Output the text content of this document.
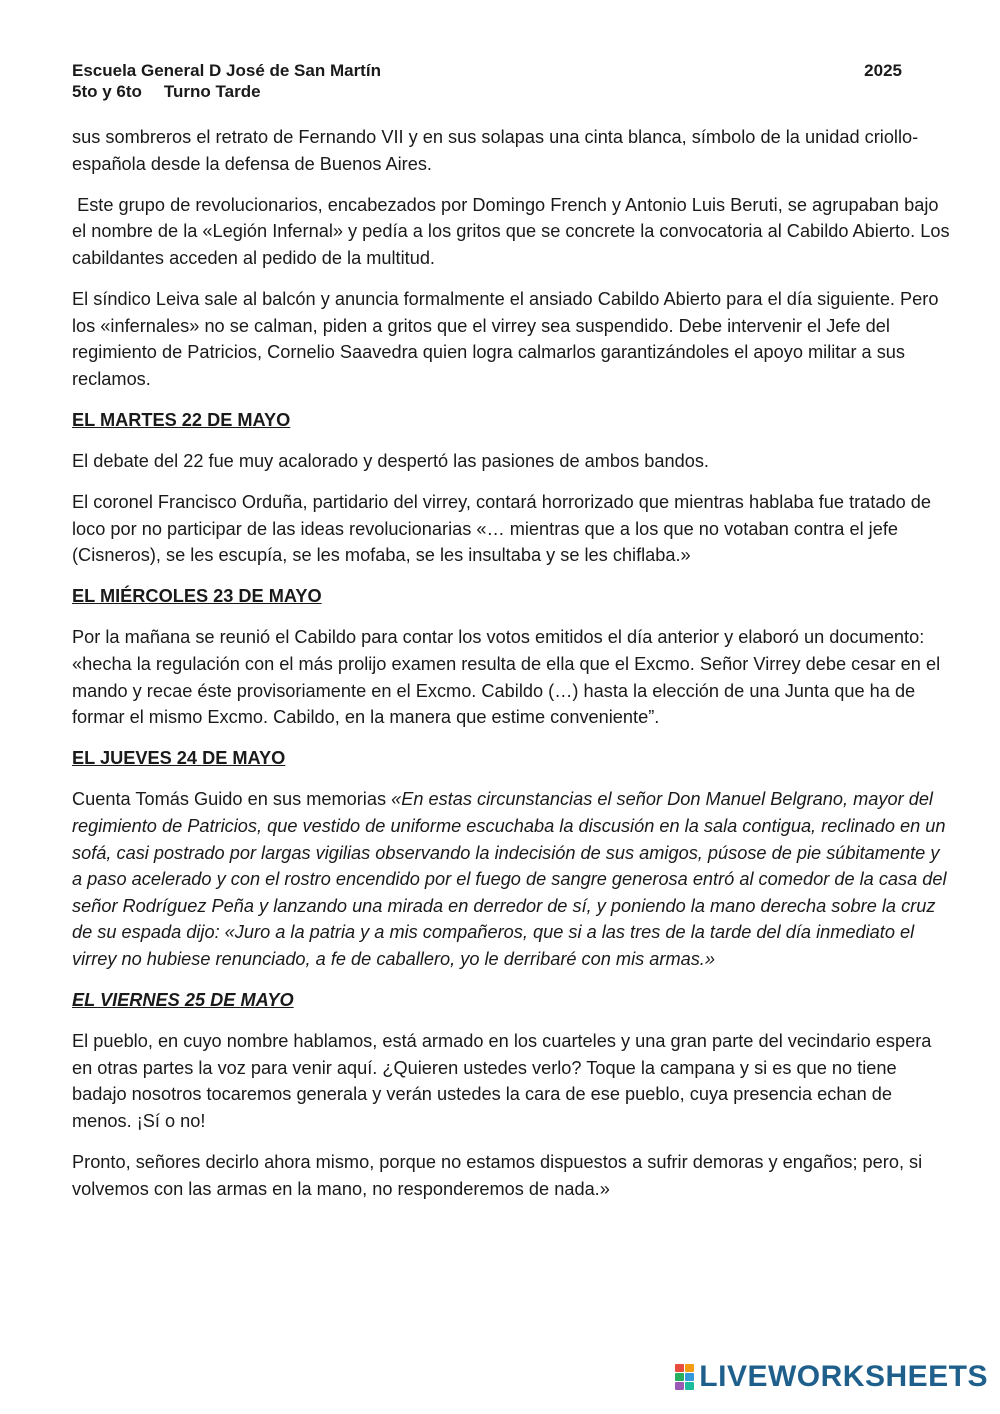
Escuela General D José de San Martín	2025
5to y 6to Turno Tarde

sus sombreros el retrato de Fernando VII y en sus solapas una cinta blanca, símbolo de la unidad criollo-española desde la defensa de Buenos Aires.

Este grupo de revolucionarios, encabezados por Domingo French y Antonio Luis Beruti, se agrupaban bajo el nombre de la «Legión Infernal» y pedía a los gritos que se concrete la convocatoria al Cabildo Abierto. Los cabildantes acceden al pedido de la multitud.

El síndico Leiva sale al balcón y anuncia formalmente el ansiado Cabildo Abierto para el día siguiente. Pero los «infernales» no se calman, piden a gritos que el virrey sea suspendido. Debe intervenir el Jefe del regimiento de Patricios, Cornelio Saavedra quien logra calmarlos garantizándoles el apoyo militar a sus reclamos.

EL MARTES 22 DE MAYO

El debate del 22 fue muy acalorado y despertó las pasiones de ambos bandos.

El coronel Francisco Orduña, partidario del virrey, contará horrorizado que mientras hablaba fue tratado de loco por no participar de las ideas revolucionarias «… mientras que a los que no votaban contra el jefe (Cisneros), se les escupía, se les mofaba, se les insultaba y se les chiflaba.»

EL MIÉRCOLES 23 DE MAYO

Por la mañana se reunió el Cabildo para contar los votos emitidos el día anterior y elaboró un documento: «hecha la regulación con el más prolijo examen resulta de ella que el Excmo. Señor Virrey debe cesar en el mando y recae éste provisoriamente en el Excmo. Cabildo (…) hasta la elección de una Junta que ha de formar el mismo Excmo. Cabildo, en la manera que estime conveniente”.

EL JUEVES 24 DE MAYO

Cuenta Tomás Guido en sus memorias «En estas circunstancias el señor Don Manuel Belgrano, mayor del regimiento de Patricios, que vestido de uniforme escuchaba la discusión en la sala contigua, reclinado en un sofá, casi postrado por largas vigilias observando la indecisión de sus amigos, púsose de pie súbitamente y a paso acelerado y con el rostro encendido por el fuego de sangre generosa entró al comedor de la casa del señor Rodríguez Peña y lanzando una mirada en derredor de sí, y poniendo la mano derecha sobre la cruz de su espada dijo: «Juro a la patria y a mis compañeros, que si a las tres de la tarde del día inmediato el virrey no hubiese renunciado, a fe de caballero, yo le derribaré con mis armas.»

EL VIERNES 25 DE MAYO

El pueblo, en cuyo nombre hablamos, está armado en los cuarteles y una gran parte del vecindario espera en otras partes la voz para venir aquí. ¿Quieren ustedes verlo? Toque la campana y si es que no tiene badajo nosotros tocaremos generala y verán ustedes la cara de ese pueblo, cuya presencia echan de menos. ¡Sí o no!

Pronto, señores decirlo ahora mismo, porque no estamos dispuestos a sufrir demoras y engaños; pero, si volvemos con las armas en la mano, no responderemos de nada.»

LIVEWORKSHEETS
